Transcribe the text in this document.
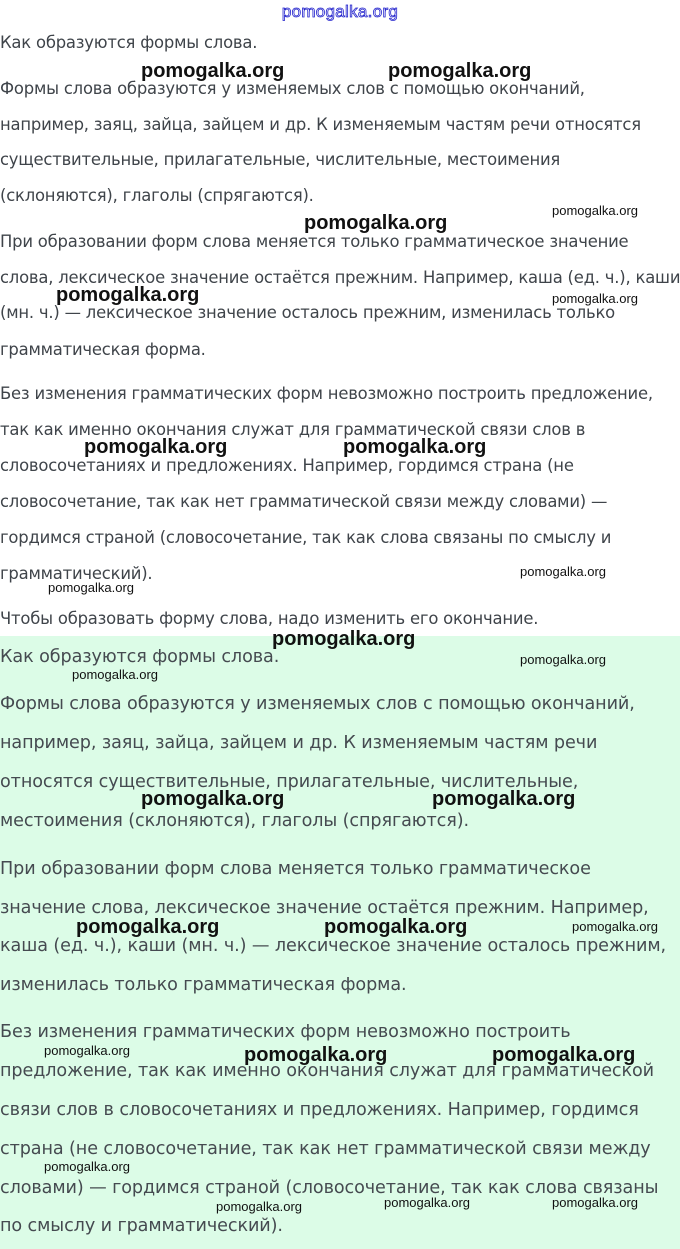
Как образуются формы слова.
Формы слова образуются у изменяемых слов с помощью окончаний,
например, заяц, зайца, зайцем и др. К изменяемым частям речи относятся
существительные, прилагательные, числительные, местоимения
(склоняются), глаголы (спрягаются).
При образовании форм слова меняется только грамматическое значение
слова, лексическое значение остаётся прежним. Например, каша (ед. ч.), каши
(мн. ч.) — лексическое значение осталось прежним, изменилась только
грамматическая форма.
Без изменения грамматических форм невозможно построить предложение,
так как именно окончания служат для грамматической связи слов в
словосочетаниях и предложениях. Например, гордимся страна (не
словосочетание, так как нет грамматической связи между словами) —
гордимся страной (словосочетание, так как слова связаны по смыслу и
грамматический).
Чтобы образовать форму слова, надо изменить его окончание.
Как образуются формы слова.
Формы слова образуются у изменяемых слов с помощью окончаний,
например, заяц, зайца, зайцем и др. К изменяемым частям речи
относятся существительные, прилагательные, числительные,
местоимения (склоняются), глаголы (спрягаются).
При образовании форм слова меняется только грамматическое
значение слова, лексическое значение остаётся прежним. Например,
каша (ед. ч.), каши (мн. ч.) — лексическое значение осталось прежним,
изменилась только грамматическая форма.
Без изменения грамматических форм невозможно построить
предложение, так как именно окончания служат для грамматической
связи слов в словосочетаниях и предложениях. Например, гордимся
страна (не словосочетание, так как нет грамматической связи между
словами) — гордимся страной (словосочетание, так как слова связаны
по смыслу и грамматический).
pomogalka.org
pomogalka.org	pomogalka.org
pomogalka.org
pomogalka.org
pomogalka.org	pomogalka.org
pomogalka.org	pomogalka.org
pomogalka.org
pomogalka.org
pomogalka.org
pomogalka.org
pomogalka.org
pomogalka.org	pomogalka.org
pomogalka.org	pomogalka.org	pomogalka.org
pomogalka.org	pomogalka.org	pomogalka.org
pomogalka.org
pomogalka.org	pomogalka.org
pomogalka.org
